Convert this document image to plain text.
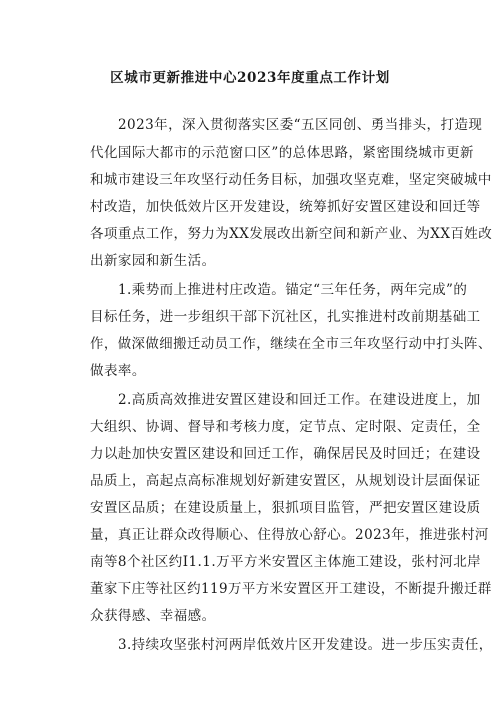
区城市更新推进中心2023年度重点工作计划
2023年，深入贯彻落实区委“五区同创、勇当排头，打造现
代化国际大都市的示范窗口区”的总体思路，紧密围绕城市更新
和城市建设三年攻坚行动任务目标，加强攻坚克难，坚定突破城中
村改造，加快低效片区开发建设，统筹抓好安置区建设和回迁等
各项重点工作，努力为XX发展改出新空间和新产业、为XX百姓改
出新家园和新生活。
1.乘势而上推进村庄改造。锚定“三年任务，两年完成”的
目标任务，进一步组织干部下沉社区，扎实推进村改前期基础工
作，做深做细搬迁动员工作，继续在全市三年攻坚行动中打头阵、
做表率。
2.高质高效推进安置区建设和回迁工作。在建设进度上，加
大组织、协调、督导和考核力度，定节点、定时限、定责任，全
力以赴加快安置区建设和回迁工作，确保居民及时回迁；在建设
品质上，高起点高标准规划好新建安置区，从规划设计层面保证
安置区品质；在建设质量上，狠抓项目监管，严把安置区建设质
量，真正让群众改得顺心、住得放心舒心。2023年，推进张村河
南等8个社区约I1.1.万平方米安置区主体施工建设，张村河北岸
董家下庄等社区约119万平方米安置区开工建设，不断提升搬迁群
众获得感、幸福感。
3.持续攻坚张村河两岸低效片区开发建设。进一步压实责任，
